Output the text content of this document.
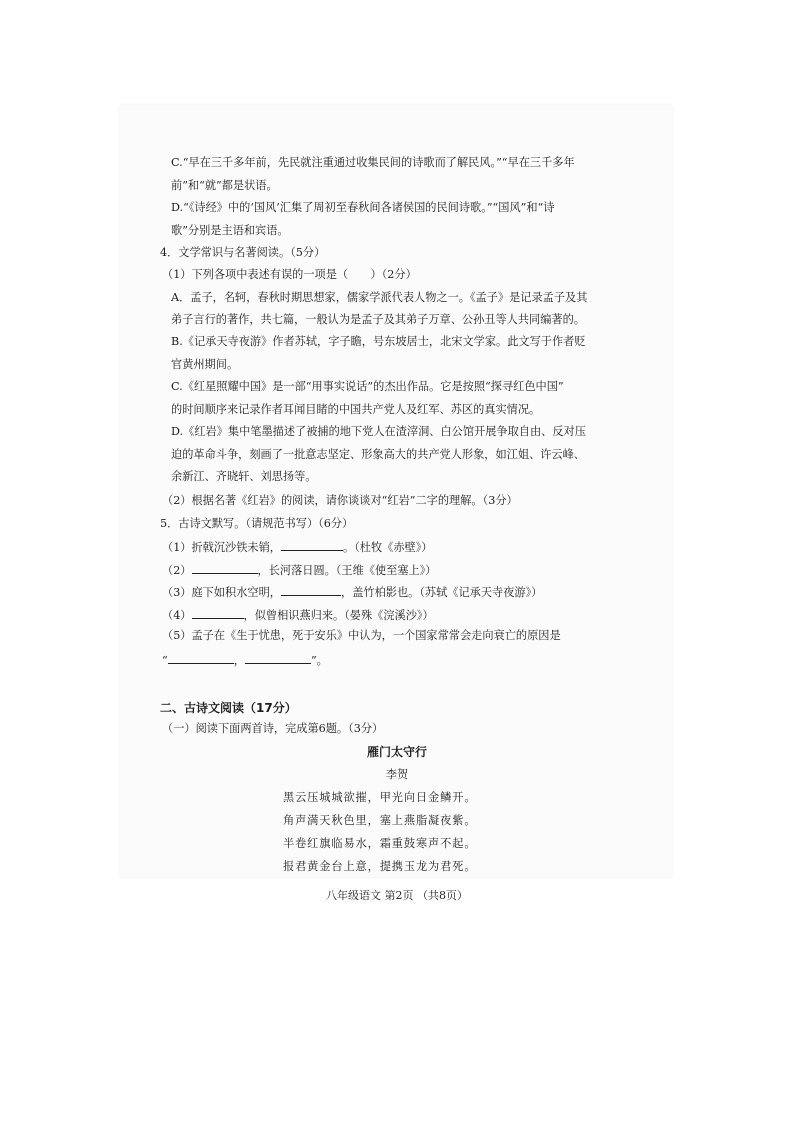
C.“早在三千多年前，先民就注重通过收集民间的诗歌而了解民风。”“早在三千多年
前”和“就”都是状语。
D.“《诗经》中的‘国风’汇集了周初至春秋间各诸侯国的民间诗歌。”“国风”和“诗
歌”分别是主语和宾语。
4．文学常识与名著阅读。（5分）
（1）下列各项中表述有误的一项是（　　）（2分）
A．孟子，名轲，春秋时期思想家，儒家学派代表人物之一。《孟子》是记录孟子及其
弟子言行的著作，共七篇，一般认为是孟子及其弟子万章、公孙丑等人共同编著的。
B.《记承天寺夜游》作者苏轼，字子瞻，号东坡居士，北宋文学家。此文写于作者贬
官黄州期间。
C.《红星照耀中国》是一部“用事实说话”的杰出作品。它是按照“探寻红色中国”
的时间顺序来记录作者耳闻目睹的中国共产党人及红军、苏区的真实情况。
D.《红岩》集中笔墨描述了被捕的地下党人在渣滓洞、白公馆开展争取自由、反对压
迫的革命斗争，刻画了一批意志坚定、形象高大的共产党人形象，如江姐、许云峰、
余新江、齐晓轩、刘思扬等。
（2）根据名著《红岩》的阅读，请你谈谈对“红岩”二字的理解。（3分）
5．古诗文默写。（请规范书写）（6分）
（1）折戟沉沙铁未销，	。（杜牧《赤壁》）
（2）	，长河落日圆。（王维《使至塞上》）
（3）庭下如积水空明，	，盖竹柏影也。（苏轼《记承天寺夜游》）
（4）	，似曾相识燕归来。（晏殊《浣溪沙》）
（5）孟子在《生于忧患，死于安乐》中认为，一个国家常常会走向衰亡的原因是
“	，	”。
二、古诗文阅读（17分）
（一）阅读下面两首诗，完成第6题。（3分）
雁门太守行
李贺
黑云压城城欲摧，甲光向日金鳞开。
角声满天秋色里，塞上燕脂凝夜紫。
半卷红旗临易水，霜重鼓寒声不起。
报君黄金台上意，提携玉龙为君死。
八年级语文 第2页 （共8页）
